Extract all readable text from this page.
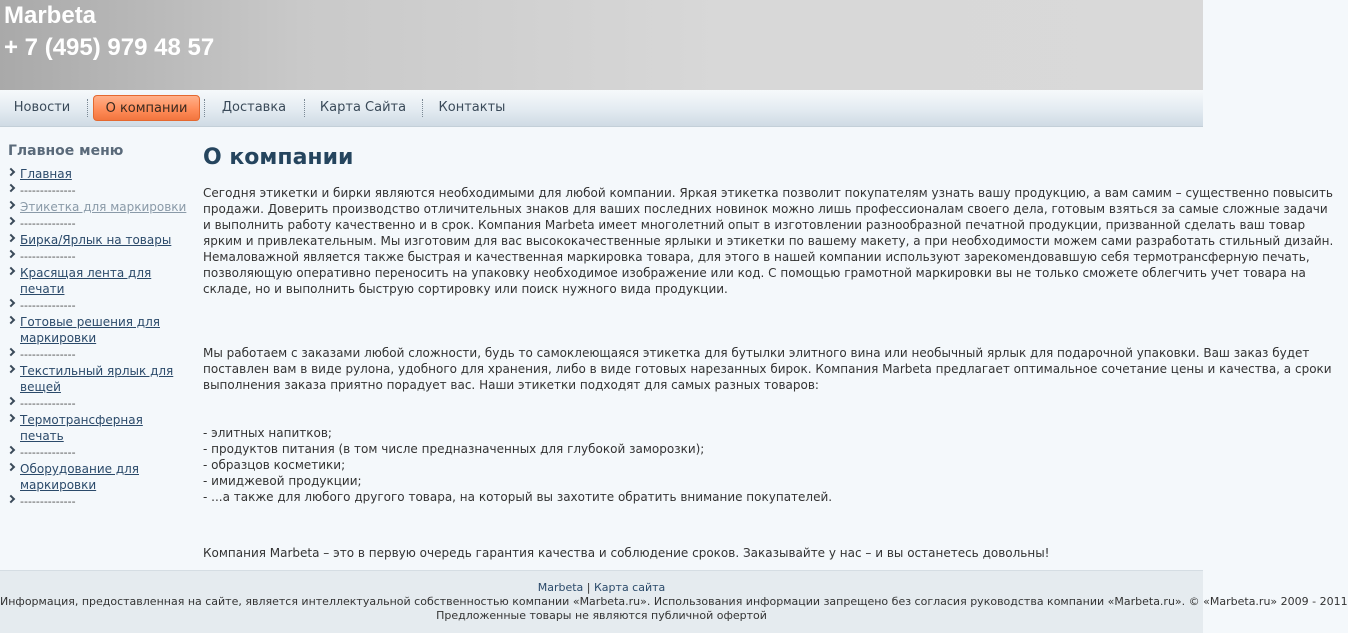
Marbeta
+ 7 (495) 979 48 57
Новости	О компании	Доставка	Карта Сайта	Контакты
Главное меню
Главная
--------------
Этикетка для маркировки
--------------
Бирка/Ярлык на товары
--------------
Красящая лента для печати
--------------
Готовые решения для маркировки
--------------
Текстильный ярлык для вещей
--------------
Термотрансферная печать
--------------
Оборудование для маркировки
--------------
О компании

Сегодня этикетки и бирки являются необходимыми для любой компании. Яркая этикетка позволит покупателям узнать вашу продукцию, а вам самим – существенно повысить

продажи. Доверить производство отличительных знаков для ваших последних новинок можно лишь профессионалам своего дела, готовым взяться за самые сложные задачи

и выполнить работу качественно и в срок. Компания Marbeta имеет многолетний опыт в изготовлении разнообразной печатной продукции, призванной сделать ваш товар

ярким и привлекательным. Мы изготовим для вас высококачественные ярлыки и этикетки по вашему макету, а при необходимости можем сами разработать стильный дизайн.

Немаловажной является также быстрая и качественная маркировка товара, для этого в нашей компании используют зарекомендовавшую себя термотрансферную печать,

позволяющую оперативно переносить на упаковку необходимое изображение или код. С помощью грамотной маркировки вы не только сможете облегчить учет товара на

складе, но и выполнить быструю сортировку или поиск нужного вида продукции.

Мы работаем с заказами любой сложности, будь то самоклеющаяся этикетка для бутылки элитного вина или необычный ярлык для подарочной упаковки. Ваш заказ будет

поставлен вам в виде рулона, удобного для хранения, либо в виде готовых нарезанных бирок. Компания Marbeta предлагает оптимальное сочетание цены и качества, а сроки

выполнения заказа приятно порадует вас. Наши этикетки подходят для самых разных товаров:

- элитных напитков;

- продуктов питания (в том числе предназначенных для глубокой заморозки);

- образцов косметики;

- имиджевой продукции;

- ...а также для любого другого товара, на который вы захотите обратить внимание покупателей.

Компания Marbeta – это в первую очередь гарантия качества и соблюдение сроков. Заказывайте у нас – и вы останетесь довольны!

Marbeta | Карта сайта
Информация, предоставленная на сайте, является интеллектуальной собственностью компании «Marbeta.ru». Использования информации запрещено без согласия руководства компании «Marbeta.ru». © «Marbeta.ru» 2009 - 2011
Предложенные товары не являются публичной офертой
